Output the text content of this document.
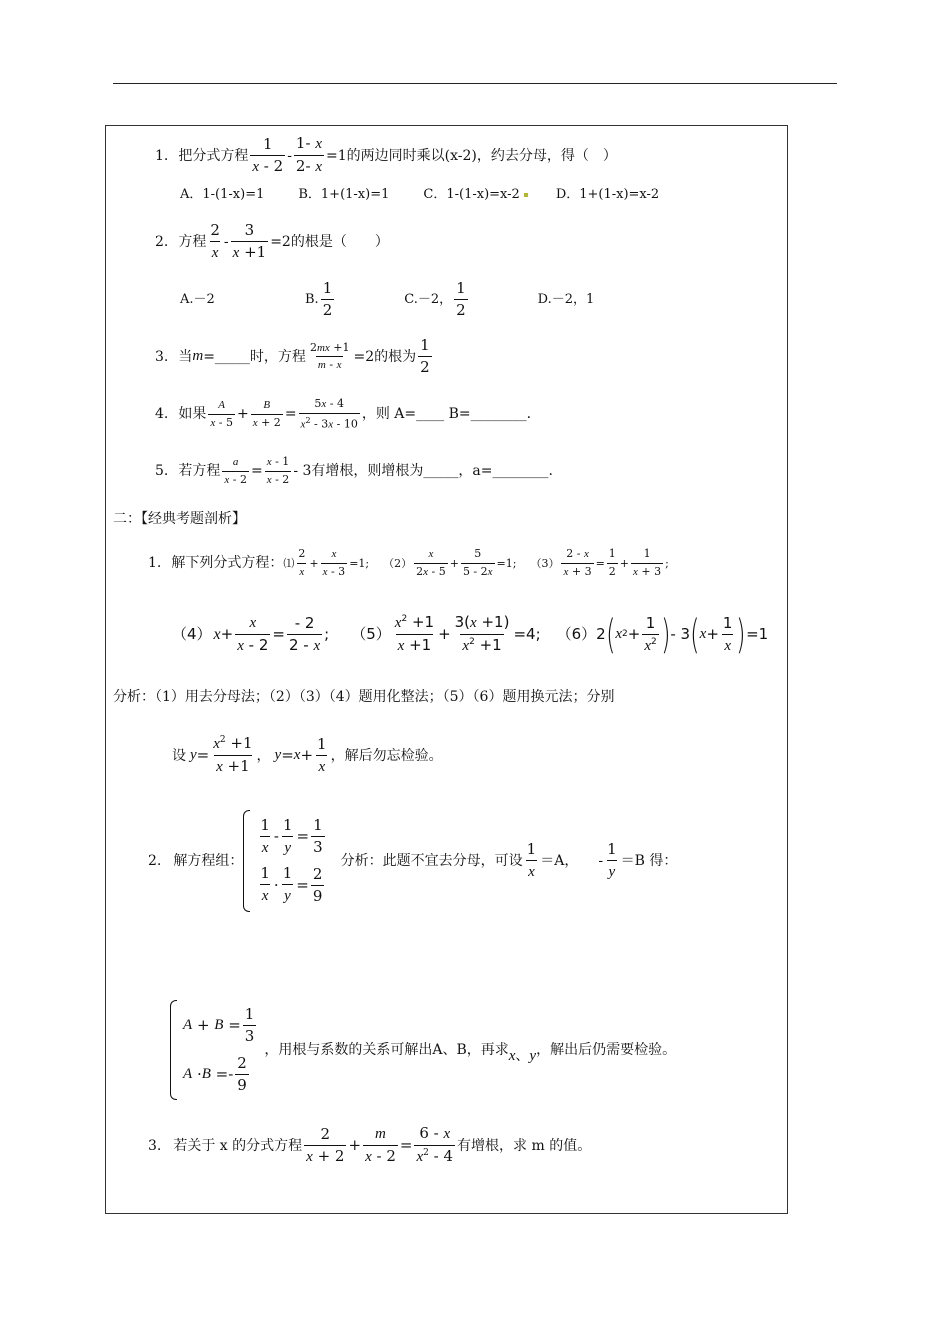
1. 把分式方程 $\frac{1}{x - 2} - \frac{1- x}{2- x} =1$的两边同时乘以(x-2)，约去分母，得（　）
A．1-(1-x)=1	B．1+(1-x)=1	C．1-(1-x)=x-2	D．1+(1-x)=x-2
2. 方程 $\frac{2}{x} - \frac{3}{x +1} =2$的根是（　　）
A.－2	B. $\frac{1}{2}$	C.－2， $\frac{1}{2}$	D.－2，1
3. 当 m =_____时，方程 $\frac{2mx +1}{m - x} =2$的根为 $\frac{1}{2}$
4. 如果 $\frac{A}{x - 5} + \frac{B}{x + 2} = \frac{5x - 4}{x^2 - 3x - 10}$ ，则 A=____ B=________.
5. 若方程 $\frac{a}{x - 2} = \frac{x - 1}{x - 2} - 3$ 有增根，则增根为_____，a=________.
二：【经典考题剖析】
1. 解下列分式方程： ⑴ $\frac{2}{x} + \frac{x}{x - 3} =1$; $(2) \frac{x}{2x - 5} + \frac{5}{5 - 2x} =1$; $(3) \frac{2 - x}{x + 3} = \frac{1}{2} + \frac{1}{x + 3}$ ;
（4） $x + \frac{x}{x - 2} = \frac{- 2}{2 - x}$ ; $(5) \frac{x^2 +1}{x +1} + \frac{3(x +1)}{x^2 +1} =4$; （6） 2 ( x $2 + \frac{1}{x^2}$ ) - 3 ( $x + \frac{1}{x}$ ) =1
分析：（1）用去分母法；（2）（3）（4）题用化整法；（5）（6）题用换元法；分别
设 $y = \frac{x^2 +1}{x +1}$ ， $y = x + \frac{1}{x}$ ，解后勿忘检验。
2. 解方程组：
$\frac{1}{x} - \frac{1}{y} = \frac{1}{3}$
$\frac{1}{x} \cdot \frac{1}{y} = \frac{2}{9}$
分析：此题不宜去分母，可设 $\frac{1}{x} =A$， - $\frac{1}{y} =B$ 得：
$A + B = \frac{1}{3}$
$A \cdot B =- \frac{2}{9}$
，用根与系数的关系可解出A、B，再求 x 、 y ，解出后仍需要检验。
3. 若关于 x 的分式方程 $\frac{2}{x + 2} + \frac{m}{x - 2} = \frac{6 - x}{x^2 - 4}$ 有增根，求 m 的值。
